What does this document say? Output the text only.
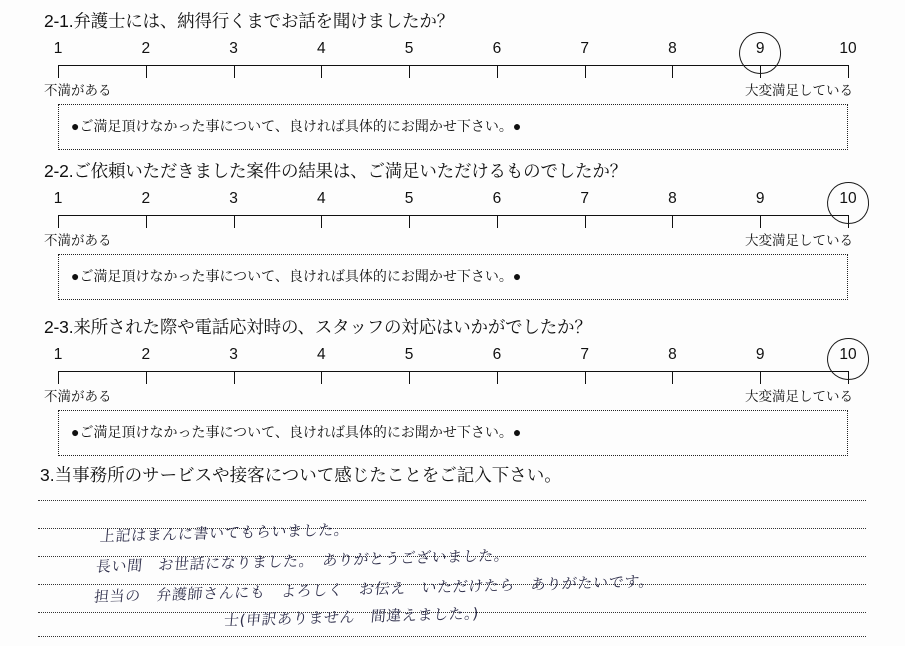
2-1.弁護士には、納得行くまでお話を聞けましたか？
1	2	3	4	5	6	7	8	9	10
不満がある	大変満足している
●ご満足頂けなかった事について、良ければ具体的にお聞かせ下さい。●
2-2.ご依頼いただきました案件の結果は、ご満足いただけるものでしたか？
1	2	3	4	5	6	7	8	9	10
不満がある	大変満足している
●ご満足頂けなかった事について、良ければ具体的にお聞かせ下さい。●
2-3.来所された際や電話応対時の、スタッフの対応はいかがでしたか？
1	2	3	4	5	6	7	8	9	10
不満がある	大変満足している
●ご満足頂けなかった事について、良ければ具体的にお聞かせ下さい。●
3.当事務所のサービスや接客について感じたことをご記入下さい。
上記はまんに書いてもらいました。
長い間　お世話になりました。　ありがとうございました。
担当の　弁護師さんにも　よろしく　お伝え　いただけたら　ありがたいです。
士(申訳ありません　間違えました。)
